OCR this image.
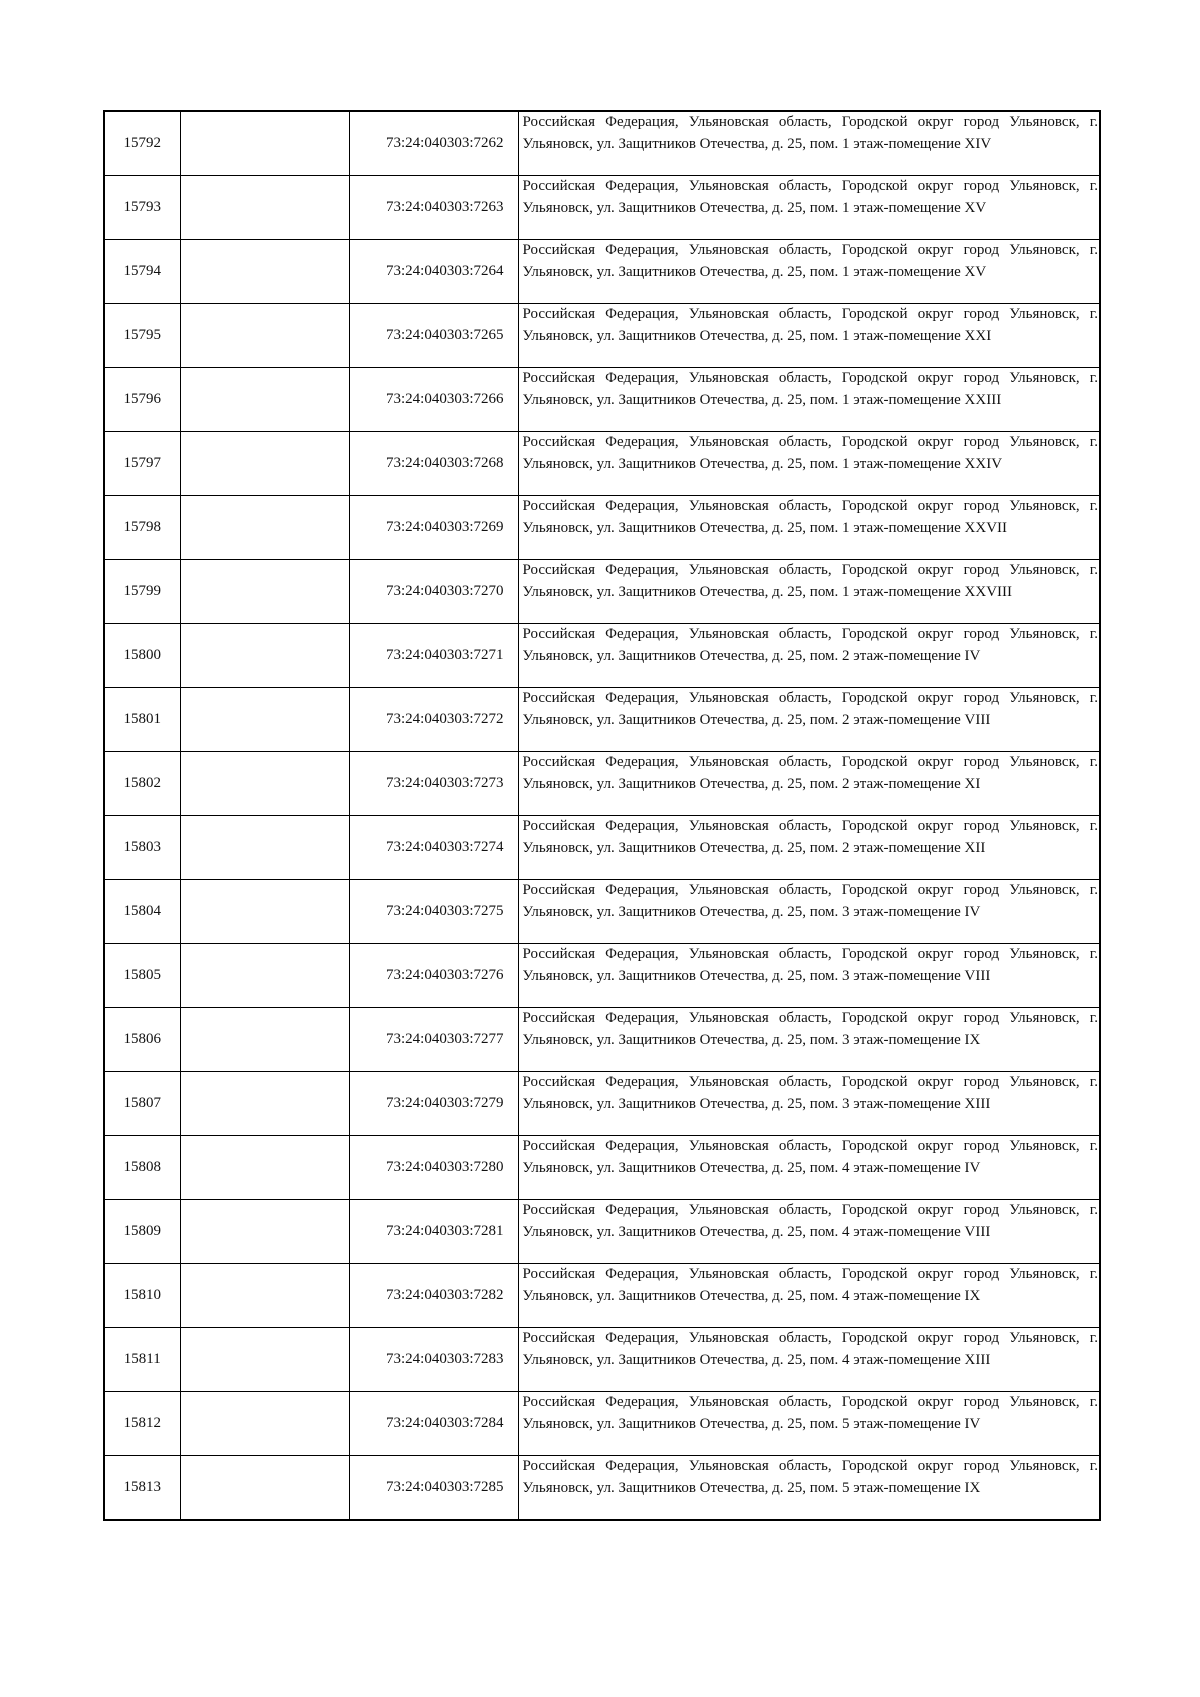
15792		73:24:040303:7262	Российская Федерация, Ульяновская область, Городской округ город Ульяновск, г. Ульяновск, ул. Защитников Отечества, д. 25, пом. 1 этаж-помещение XIV
15793		73:24:040303:7263	Российская Федерация, Ульяновская область, Городской округ город Ульяновск, г. Ульяновск, ул. Защитников Отечества, д. 25, пом. 1 этаж-помещение XV
15794		73:24:040303:7264	Российская Федерация, Ульяновская область, Городской округ город Ульяновск, г. Ульяновск, ул. Защитников Отечества, д. 25, пом. 1 этаж-помещение XV
15795		73:24:040303:7265	Российская Федерация, Ульяновская область, Городской округ город Ульяновск, г. Ульяновск, ул. Защитников Отечества, д. 25, пом. 1 этаж-помещение XXI
15796		73:24:040303:7266	Российская Федерация, Ульяновская область, Городской округ город Ульяновск, г. Ульяновск, ул. Защитников Отечества, д. 25, пом. 1 этаж-помещение XXIII
15797		73:24:040303:7268	Российская Федерация, Ульяновская область, Городской округ город Ульяновск, г. Ульяновск, ул. Защитников Отечества, д. 25, пом. 1 этаж-помещение XXIV
15798		73:24:040303:7269	Российская Федерация, Ульяновская область, Городской округ город Ульяновск, г. Ульяновск, ул. Защитников Отечества, д. 25, пом. 1 этаж-помещение XXVII
15799		73:24:040303:7270	Российская Федерация, Ульяновская область, Городской округ город Ульяновск, г. Ульяновск, ул. Защитников Отечества, д. 25, пом. 1 этаж-помещение XXVIII
15800		73:24:040303:7271	Российская Федерация, Ульяновская область, Городской округ город Ульяновск, г. Ульяновск, ул. Защитников Отечества, д. 25, пом. 2 этаж-помещение IV
15801		73:24:040303:7272	Российская Федерация, Ульяновская область, Городской округ город Ульяновск, г. Ульяновск, ул. Защитников Отечества, д. 25, пом. 2 этаж-помещение VIII
15802		73:24:040303:7273	Российская Федерация, Ульяновская область, Городской округ город Ульяновск, г. Ульяновск, ул. Защитников Отечества, д. 25, пом. 2 этаж-помещение XI
15803		73:24:040303:7274	Российская Федерация, Ульяновская область, Городской округ город Ульяновск, г. Ульяновск, ул. Защитников Отечества, д. 25, пом. 2 этаж-помещение XII
15804		73:24:040303:7275	Российская Федерация, Ульяновская область, Городской округ город Ульяновск, г. Ульяновск, ул. Защитников Отечества, д. 25, пом. 3 этаж-помещение IV
15805		73:24:040303:7276	Российская Федерация, Ульяновская область, Городской округ город Ульяновск, г. Ульяновск, ул. Защитников Отечества, д. 25, пом. 3 этаж-помещение VIII
15806		73:24:040303:7277	Российская Федерация, Ульяновская область, Городской округ город Ульяновск, г. Ульяновск, ул. Защитников Отечества, д. 25, пом. 3 этаж-помещение IX
15807		73:24:040303:7279	Российская Федерация, Ульяновская область, Городской округ город Ульяновск, г. Ульяновск, ул. Защитников Отечества, д. 25, пом. 3 этаж-помещение XIII
15808		73:24:040303:7280	Российская Федерация, Ульяновская область, Городской округ город Ульяновск, г. Ульяновск, ул. Защитников Отечества, д. 25, пом. 4 этаж-помещение IV
15809		73:24:040303:7281	Российская Федерация, Ульяновская область, Городской округ город Ульяновск, г. Ульяновск, ул. Защитников Отечества, д. 25, пом. 4 этаж-помещение VIII
15810		73:24:040303:7282	Российская Федерация, Ульяновская область, Городской округ город Ульяновск, г. Ульяновск, ул. Защитников Отечества, д. 25, пом. 4 этаж-помещение IX
15811		73:24:040303:7283	Российская Федерация, Ульяновская область, Городской округ город Ульяновск, г. Ульяновск, ул. Защитников Отечества, д. 25, пом. 4 этаж-помещение XIII
15812		73:24:040303:7284	Российская Федерация, Ульяновская область, Городской округ город Ульяновск, г. Ульяновск, ул. Защитников Отечества, д. 25, пом. 5 этаж-помещение IV
15813		73:24:040303:7285	Российская Федерация, Ульяновская область, Городской округ город Ульяновск, г. Ульяновск, ул. Защитников Отечества, д. 25, пом. 5 этаж-помещение IX
